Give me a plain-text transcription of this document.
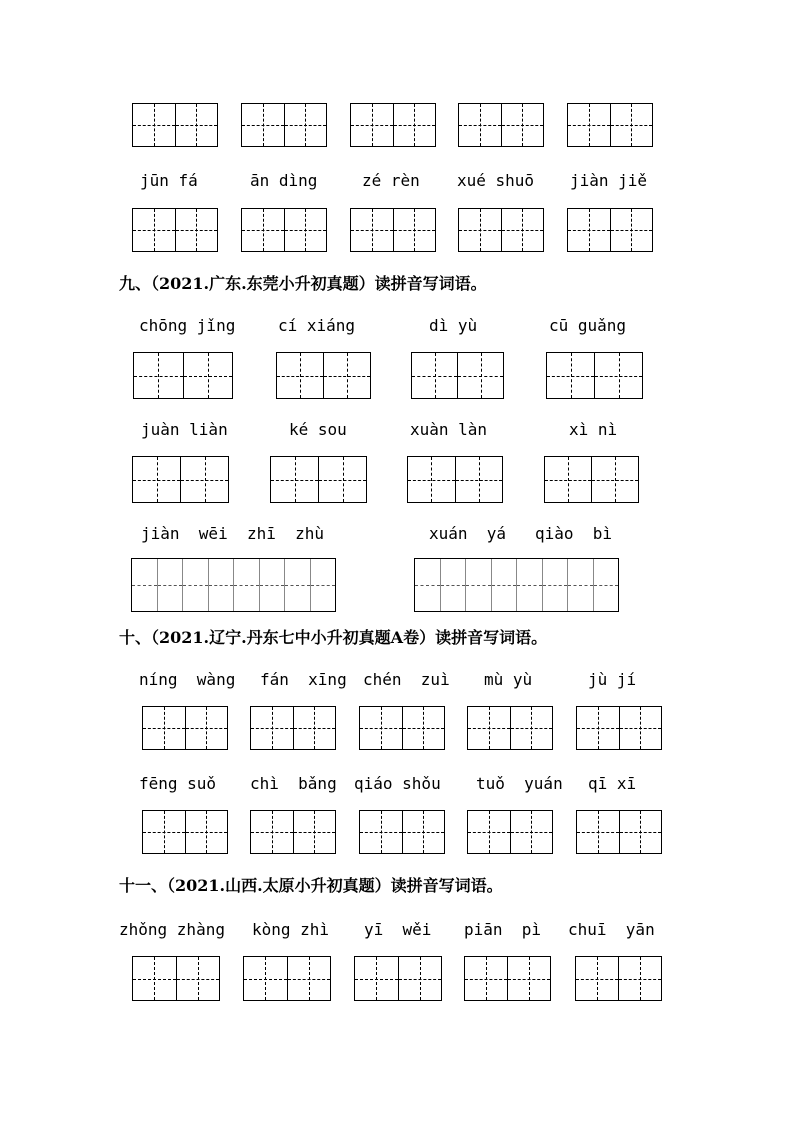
jūn fá	ān dìng	zé rèn xué shuō jiàn jiě
九、（2021.广东.东莞小升初真题）读拼音写词语。
chōng jǐng	cí xiáng	dì yù	cū guǎng
juàn liàn	ké sou	xuàn làn	xì nì
jiàn  wēi  zhī  zhù	xuán  yá   qiào  bì
十、（2021.辽宁.丹东七中小升初真题A卷）读拼音写词语。
níng  wàng fán  xīng chén  zuì mù yù	jù jí
fēng suǒ chì  bǎng qiáo shǒu tuǒ  yuán qī xī
十一、（2021.山西.太原小升初真题）读拼音写词语。
zhǒng zhàng kòng zhì yī  wěi piān  pì chuī  yān
